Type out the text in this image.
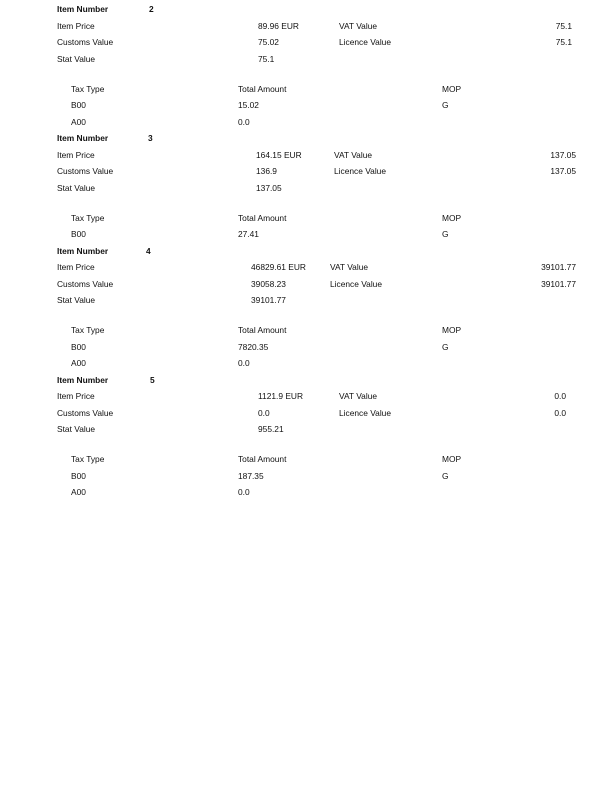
Item Number	2
Item Price	89.96 EUR	VAT Value	75.1
Customs Value	75.02	Licence Value	75.1
Stat Value	75.1
Tax Type	Total Amount	MOP
B00	15.02	G
A00	0.0
Item Number	3
Item Price	164.15 EUR	VAT Value	137.05
Customs Value	136.9	Licence Value	137.05
Stat Value	137.05
Tax Type	Total Amount	MOP
B00	27.41	G
Item Number	4
Item Price	46829.61 EUR	VAT Value	39101.77
Customs Value	39058.23	Licence Value	39101.77
Stat Value	39101.77
Tax Type	Total Amount	MOP
B00	7820.35	G
A00	0.0
Item Number	5
Item Price	1121.9 EUR	VAT Value	0.0
Customs Value	0.0	Licence Value	0.0
Stat Value	955.21
Tax Type	Total Amount	MOP
B00	187.35	G
A00	0.0
